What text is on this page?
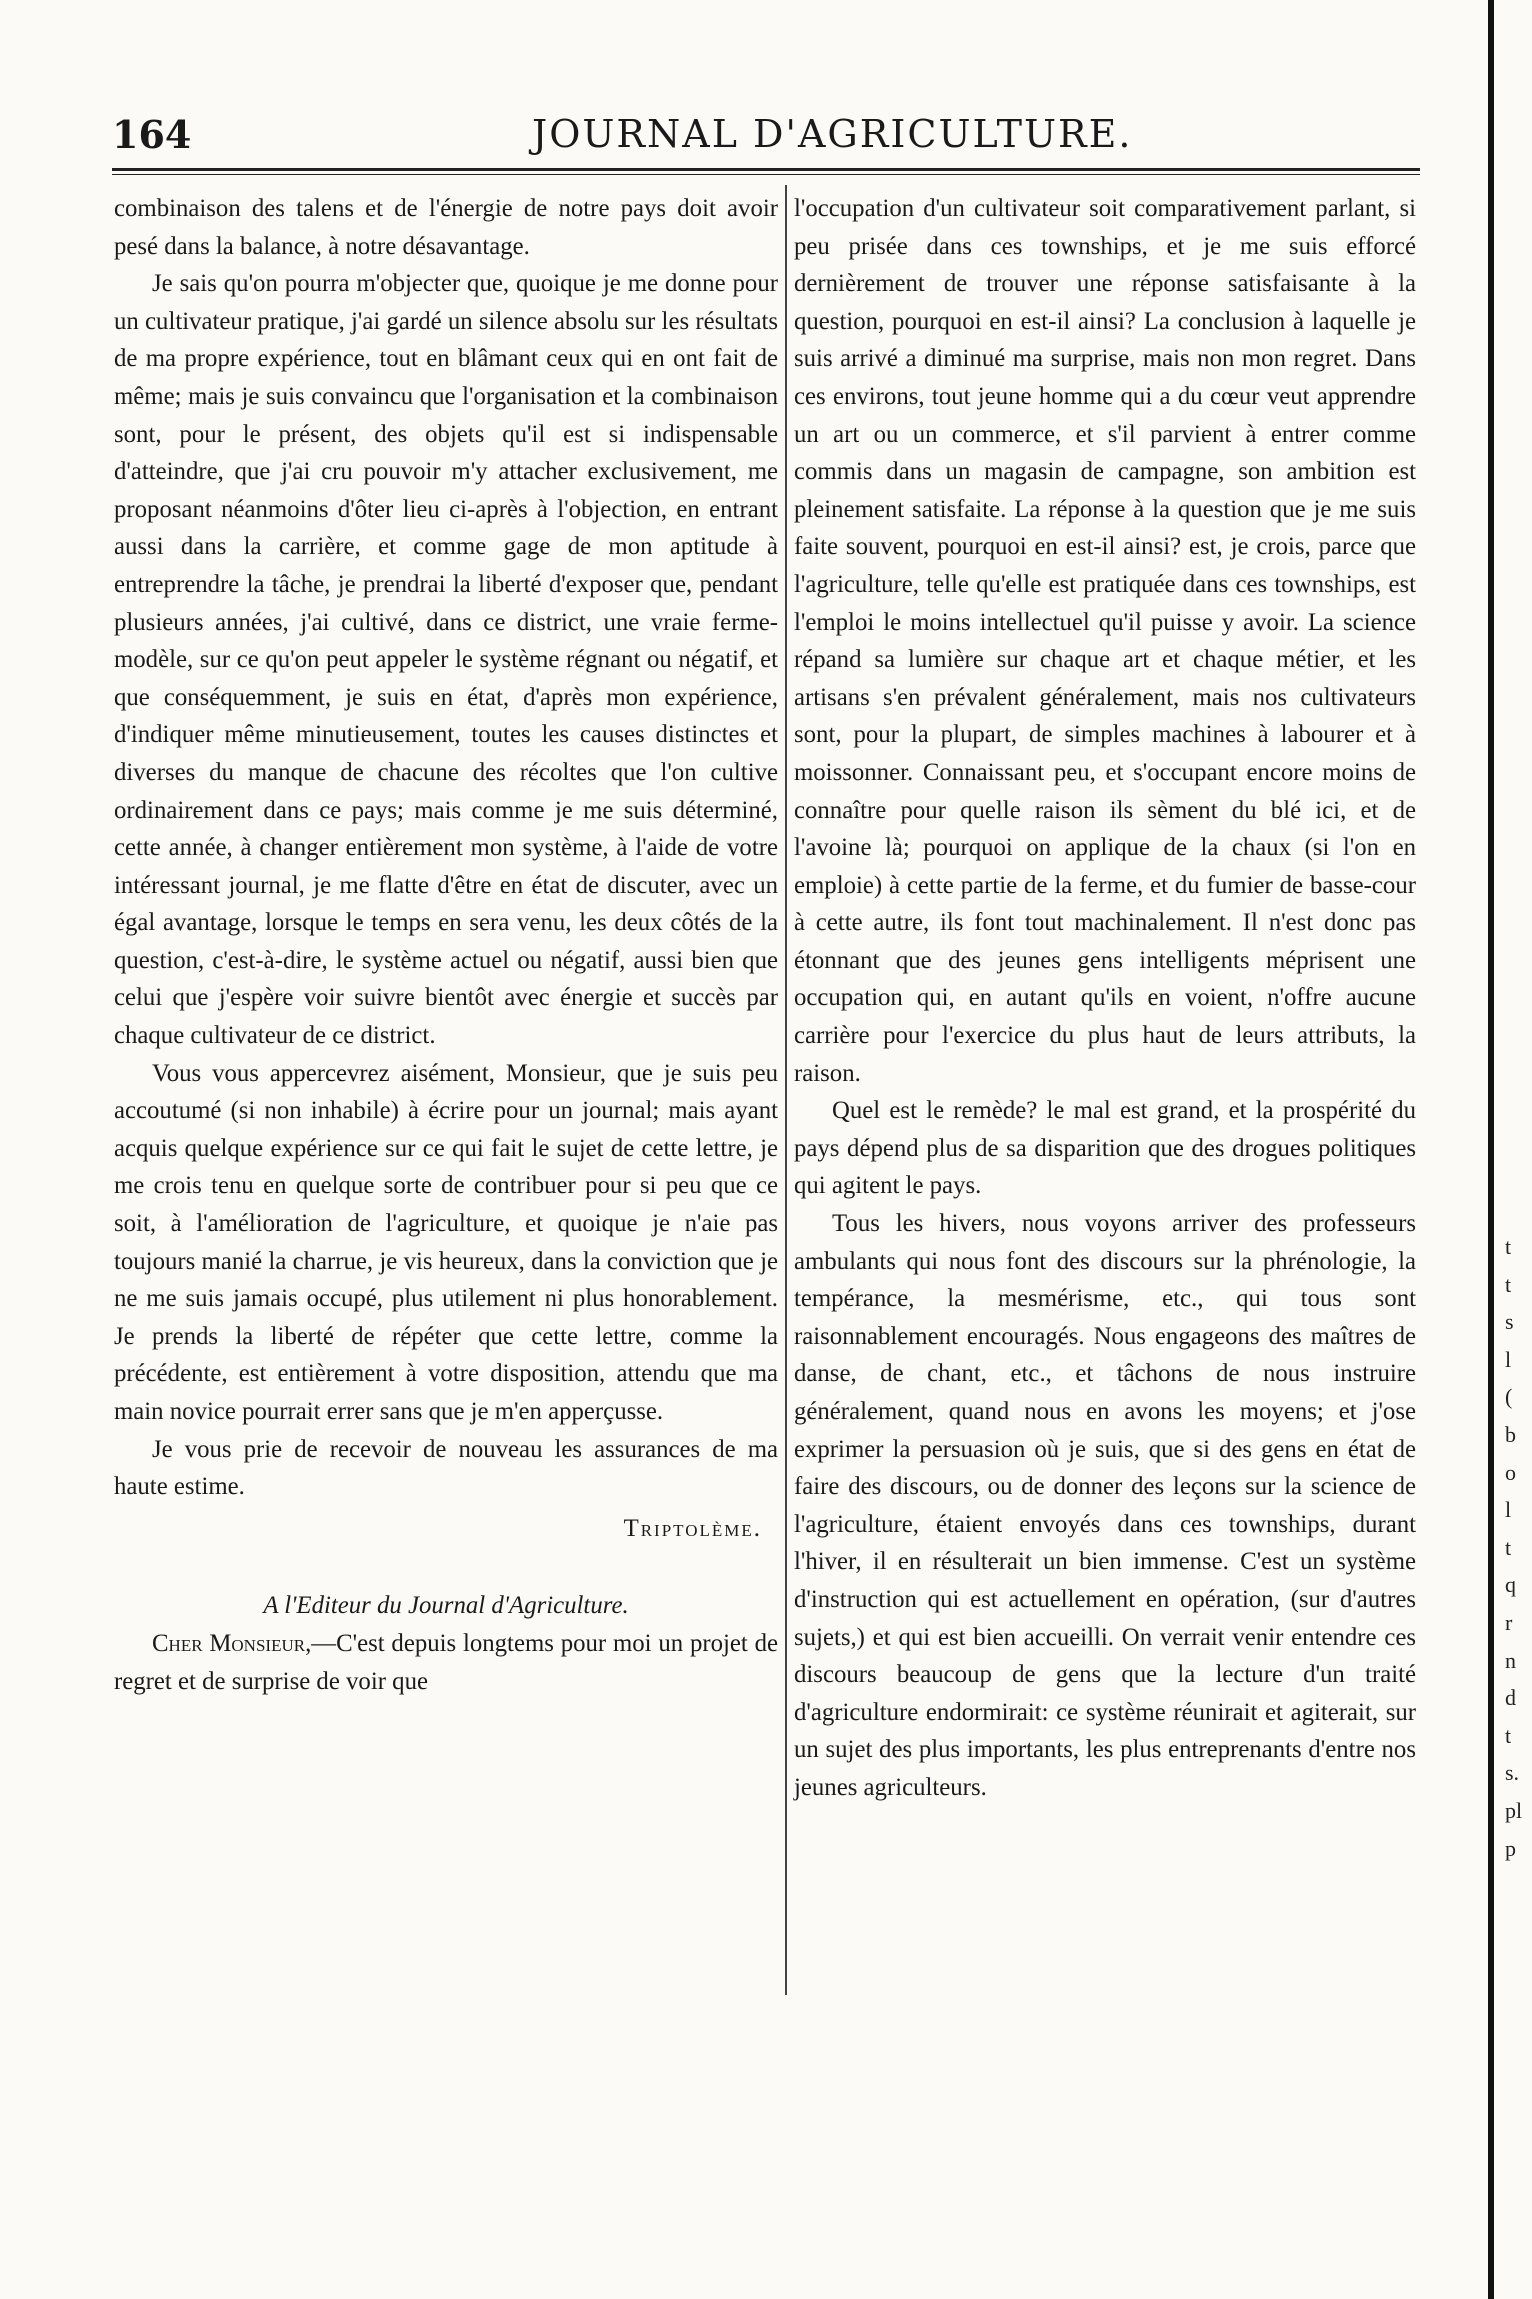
164	JOURNAL D'AGRICULTURE.

combinaison des talens et de l'énergie de notre pays doit avoir pesé dans la balance, à notre désavantage.

Je sais qu'on pourra m'objecter que, quoique je me donne pour un cultivateur pratique, j'ai gardé un silence absolu sur les résultats de ma propre expérience, tout en blâmant ceux qui en ont fait de même; mais je suis convaincu que l'organisation et la combinaison sont, pour le présent, des objets qu'il est si indispensable d'atteindre, que j'ai cru pouvoir m'y attacher exclusivement, me proposant néanmoins d'ôter lieu ci-après à l'objection, en entrant aussi dans la carrière, et comme gage de mon aptitude à entreprendre la tâche, je prendrai la liberté d'exposer que, pendant plusieurs années, j'ai cultivé, dans ce district, une vraie ferme-modèle, sur ce qu'on peut appeler le système régnant ou négatif, et que conséquemment, je suis en état, d'après mon expérience, d'indiquer même minutieusement, toutes les causes distinctes et diverses du manque de chacune des récoltes que l'on cultive ordinairement dans ce pays; mais comme je me suis déterminé, cette année, à changer entièrement mon système, à l'aide de votre intéressant journal, je me flatte d'être en état de discuter, avec un égal avantage, lorsque le temps en sera venu, les deux côtés de la question, c'est-à-dire, le système actuel ou négatif, aussi bien que celui que j'espère voir suivre bientôt avec énergie et succès par chaque cultivateur de ce district.

Vous vous appercevrez aisément, Monsieur, que je suis peu accoutumé (si non inhabile) à écrire pour un journal; mais ayant acquis quelque expérience sur ce qui fait le sujet de cette lettre, je me crois tenu en quelque sorte de contribuer pour si peu que ce soit, à l'amélioration de l'agriculture, et quoique je n'aie pas toujours manié la charrue, je vis heureux, dans la conviction que je ne me suis jamais occupé, plus utilement ni plus honorablement. Je prends la liberté de répéter que cette lettre, comme la précédente, est entièrement à votre disposition, attendu que ma main novice pourrait errer sans que je m'en apperçusse.

Je vous prie de recevoir de nouveau les assurances de ma haute estime.

Triptolème.

A l'Editeur du Journal d'Agriculture.

Cher Monsieur,—C'est depuis longtems pour moi un projet de regret et de surprise de voir que

l'occupation d'un cultivateur soit comparativement parlant, si peu prisée dans ces townships, et je me suis efforcé dernièrement de trouver une réponse satisfaisante à la question, pourquoi en est-il ainsi? La conclusion à laquelle je suis arrivé a diminué ma surprise, mais non mon regret. Dans ces environs, tout jeune homme qui a du cœur veut apprendre un art ou un commerce, et s'il parvient à entrer comme commis dans un magasin de campagne, son ambition est pleinement satisfaite. La réponse à la question que je me suis faite souvent, pourquoi en est-il ainsi? est, je crois, parce que l'agriculture, telle qu'elle est pratiquée dans ces townships, est l'emploi le moins intellectuel qu'il puisse y avoir. La science répand sa lumière sur chaque art et chaque métier, et les artisans s'en prévalent généralement, mais nos cultivateurs sont, pour la plupart, de simples machines à labourer et à moissonner. Connaissant peu, et s'occupant encore moins de connaître pour quelle raison ils sèment du blé ici, et de l'avoine là; pourquoi on applique de la chaux (si l'on en emploie) à cette partie de la ferme, et du fumier de basse-cour à cette autre, ils font tout machinalement. Il n'est donc pas étonnant que des jeunes gens intelligents méprisent une occupation qui, en autant qu'ils en voient, n'offre aucune carrière pour l'exercice du plus haut de leurs attributs, la raison.

Quel est le remède? le mal est grand, et la prospérité du pays dépend plus de sa disparition que des drogues politiques qui agitent le pays.

Tous les hivers, nous voyons arriver des professeurs ambulants qui nous font des discours sur la phrénologie, la tempérance, la mesmérisme, etc., qui tous sont raisonnablement encouragés. Nous engageons des maîtres de danse, de chant, etc., et tâchons de nous instruire généralement, quand nous en avons les moyens; et j'ose exprimer la persuasion où je suis, que si des gens en état de faire des discours, ou de donner des leçons sur la science de l'agriculture, étaient envoyés dans ces townships, durant l'hiver, il en résulterait un bien immense. C'est un système d'instruction qui est actuellement en opération, (sur d'autres sujets,) et qui est bien accueilli. On verrait venir entendre ces discours beaucoup de gens que la lecture d'un traité d'agriculture endormirait: ce système réunirait et agiterait, sur un sujet des plus importants, les plus entreprenants d'entre nos jeunes agriculteurs.

t
t
s
l
(
b
o
l
t
q
r
n
d
t
s.
pl
p
